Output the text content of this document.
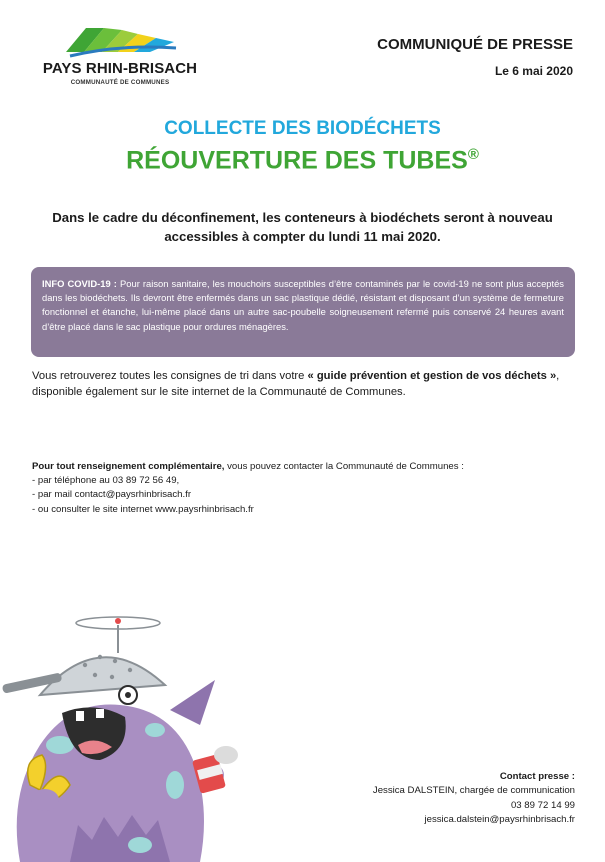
PAYS RHIN-BRISACH
COMMUNAUTÉ DE COMMUNES
COMMUNIQUÉ DE PRESSE
Le 6 mai 2020
COLLECTE DES BIODÉCHETS
RÉOUVERTURE DES TUBES®
Dans le cadre du déconfinement, les conteneurs à biodéchets seront à nouveau accessibles à compter du lundi 11 mai 2020.
INFO COVID-19 : Pour raison sanitaire, les mouchoirs susceptibles d’être contaminés par le covid-19 ne sont plus acceptés dans les biodéchets. Ils devront être enfermés dans un sac plastique dédié, résistant et disposant d’un système de fermeture fonctionnel et étanche, lui-même placé dans un autre sac-poubelle soigneusement refermé puis conservé 24 heures avant d’être placé dans le sac plastique pour ordures ménagères.
Vous retrouverez toutes les consignes de tri dans votre « guide prévention et gestion de vos déchets », disponible également sur le site internet de la Communauté de Communes.
Pour tout renseignement complémentaire, vous pouvez contacter la Communauté de Communes :
- par téléphone au 03 89 72 56 49,
- par mail contact@paysrhinbrisach.fr
- ou consulter le site internet www.paysrhinbrisach.fr
Contact presse :
Jessica DALSTEIN, chargée de communication
03 89 72 14 99
jessica.dalstein@paysrhinbrisach.fr
